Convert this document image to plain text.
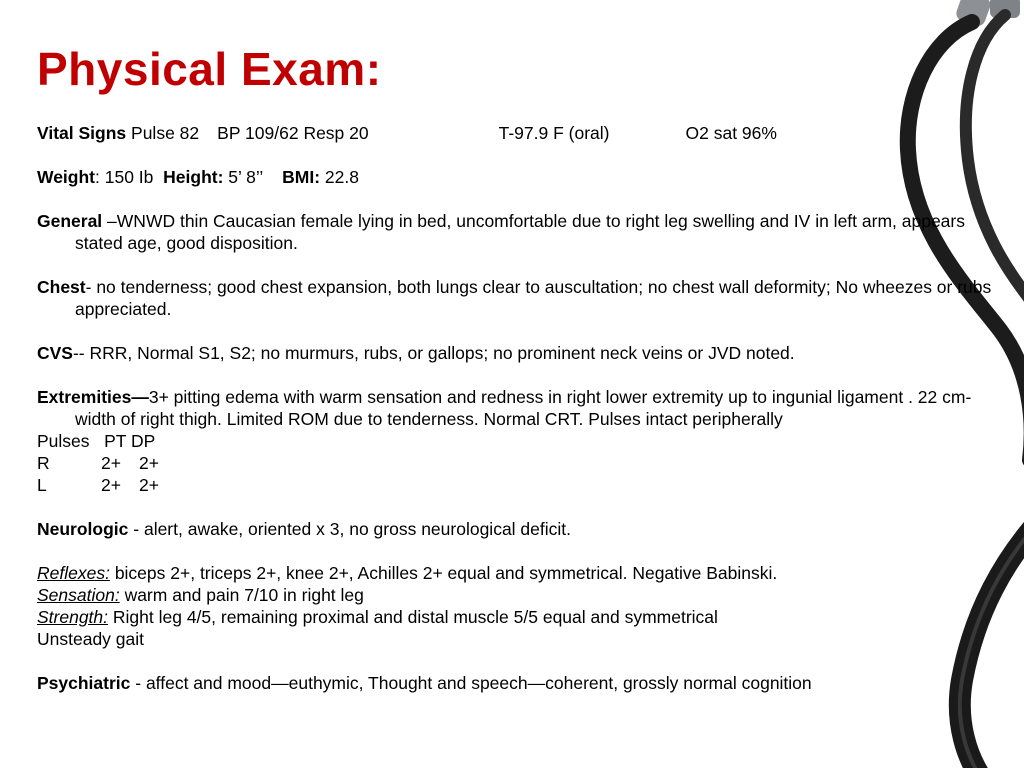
Physical Exam:
Vital Signs Pulse 82 BP 109/62 Resp 20	T-97.9 F (oral)	O2 sat 96%
Weight: 150 Ib Height: 5’ 8’’ BMI: 22.8
General –WNWD thin Caucasian female lying in bed, uncomfortable due to right leg swelling and IV in left arm, appears stated age, good disposition.
Chest- no tenderness; good chest expansion, both lungs clear to auscultation; no chest wall deformity; No wheezes or rubs appreciated.
CVS-- RRR, Normal S1, S2; no murmurs, rubs, or gallops; no prominent neck veins or JVD noted.
Extremities—3+ pitting edema with warm sensation and redness in right lower extremity up to ingunial ligament . 22 cm- width of right thigh. Limited ROM due to tenderness. Normal CRT. Pulses intact peripherally
Pulses   PT DP
R	2+ 2+
L	2+ 2+
Neurologic - alert, awake, oriented x 3, no gross neurological deficit.
Reflexes: biceps 2+, triceps 2+, knee 2+, Achilles 2+ equal and symmetrical. Negative Babinski.
Sensation: warm and pain 7/10 in right leg
Strength: Right leg 4/5, remaining proximal and distal muscle 5/5 equal and symmetrical
Unsteady gait
Psychiatric - affect and mood—euthymic, Thought and speech—coherent, grossly normal cognition
